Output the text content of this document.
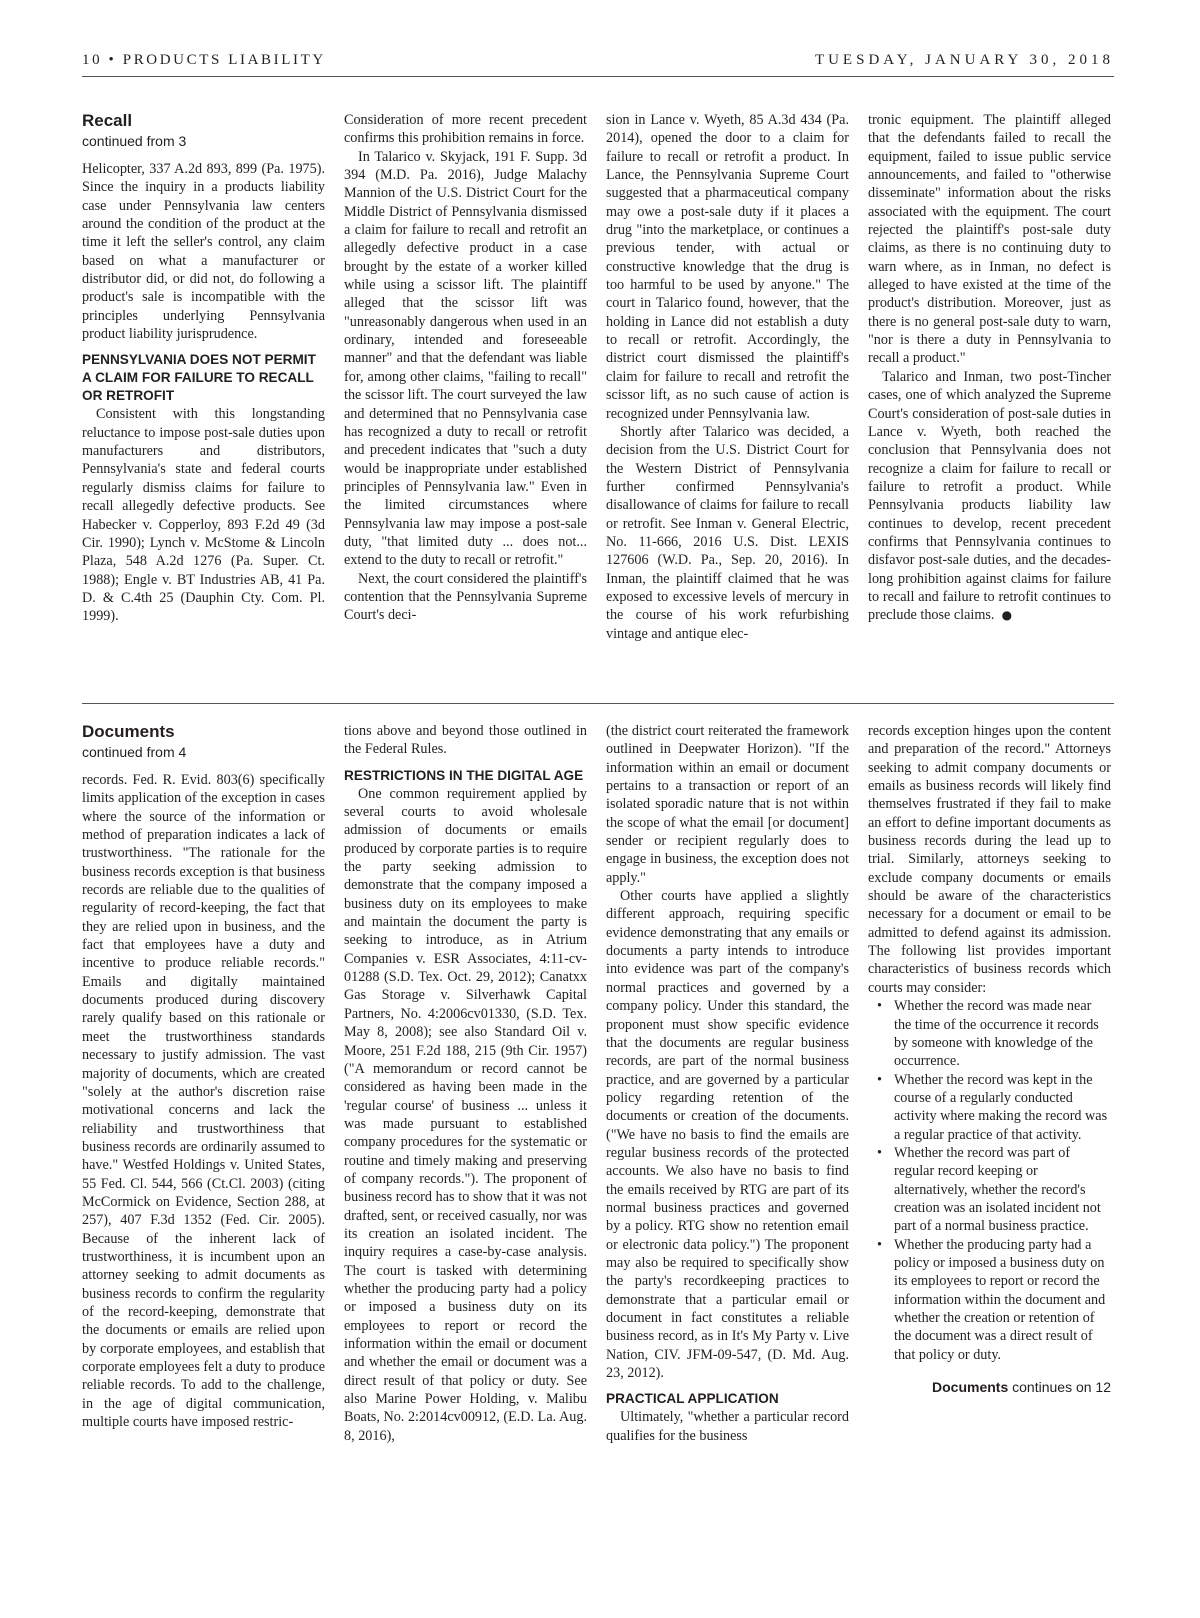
10 • PRODUCTS LIABILITY	TUESDAY, JANUARY 30, 2018
Recall
continued from 3

Helicopter, 337 A.2d 893, 899 (Pa. 1975). Since the inquiry in a products liability case under Pennsylvania law centers around the condition of the product at the time it left the seller's control, any claim based on what a manufacturer or distributor did, or did not, do following a product's sale is incompatible with the principles underlying Pennsylvania product liability jurisprudence.

PENNSYLVANIA DOES NOT PERMIT A CLAIM FOR FAILURE TO RECALL OR RETROFIT

Consistent with this longstanding reluctance to impose post-sale duties upon manufacturers and distributors, Pennsylvania's state and federal courts regularly dismiss claims for failure to recall allegedly defective products. See Habecker v. Copperloy, 893 F.2d 49 (3d Cir. 1990); Lynch v. McStome & Lincoln Plaza, 548 A.2d 1276 (Pa. Super. Ct. 1988); Engle v. BT Industries AB, 41 Pa. D. & C.4th 25 (Dauphin Cty. Com. Pl. 1999).

Consideration of more recent precedent confirms this prohibition remains in force.

In Talarico v. Skyjack, 191 F. Supp. 3d 394 (M.D. Pa. 2016), Judge Malachy Mannion of the U.S. District Court for the Middle District of Pennsylvania dismissed a claim for failure to recall and retrofit an allegedly defective product in a case brought by the estate of a worker killed while using a scissor lift. The plaintiff alleged that the scissor lift was "unreasonably dangerous when used in an ordinary, intended and foreseeable manner" and that the defendant was liable for, among other claims, "failing to recall" the scissor lift. The court surveyed the law and determined that no Pennsylvania case has recognized a duty to recall or retrofit and precedent indicates that "such a duty would be inappropriate under established principles of Pennsylvania law." Even in the limited circumstances where Pennsylvania law may impose a post-sale duty, "that limited duty ... does not... extend to the duty to recall or retrofit."

Next, the court considered the plaintiff's contention that the Pennsylvania Supreme Court's deci-

sion in Lance v. Wyeth, 85 A.3d 434 (Pa. 2014), opened the door to a claim for failure to recall or retrofit a product. In Lance, the Pennsylvania Supreme Court suggested that a pharmaceutical company may owe a post-sale duty if it places a drug "into the marketplace, or continues a previous tender, with actual or constructive knowledge that the drug is too harmful to be used by anyone." The court in Talarico found, however, that the holding in Lance did not establish a duty to recall or retrofit. Accordingly, the district court dismissed the plaintiff's claim for failure to recall and retrofit the scissor lift, as no such cause of action is recognized under Pennsylvania law.

Shortly after Talarico was decided, a decision from the U.S. District Court for the Western District of Pennsylvania further confirmed Pennsylvania's disallowance of claims for failure to recall or retrofit. See Inman v. General Electric, No. 11-666, 2016 U.S. Dist. LEXIS 127606 (W.D. Pa., Sep. 20, 2016). In Inman, the plaintiff claimed that he was exposed to excessive levels of mercury in the course of his work refurbishing vintage and antique elec-

tronic equipment. The plaintiff alleged that the defendants failed to recall the equipment, failed to issue public service announcements, and failed to "otherwise disseminate" information about the risks associated with the equipment. The court rejected the plaintiff's post-sale duty claims, as there is no continuing duty to warn where, as in Inman, no defect is alleged to have existed at the time of the product's distribution. Moreover, just as there is no general post-sale duty to warn, "nor is there a duty in Pennsylvania to recall a product."

Talarico and Inman, two post-Tincher cases, one of which analyzed the Supreme Court's consideration of post-sale duties in Lance v. Wyeth, both reached the conclusion that Pennsylvania does not recognize a claim for failure to recall or failure to retrofit a product. While Pennsylvania products liability law continues to develop, recent precedent confirms that Pennsylvania continues to disfavor post-sale duties, and the decades-long prohibition against claims for failure to recall and failure to retrofit continues to preclude those claims. ●

Documents
continued from 4

records. Fed. R. Evid. 803(6) specifically limits application of the exception in cases where the source of the information or method of preparation indicates a lack of trustworthiness. "The rationale for the business records exception is that business records are reliable due to the qualities of regularity of record-keeping, the fact that they are relied upon in business, and the fact that employees have a duty and incentive to produce reliable records." Emails and digitally maintained documents produced during discovery rarely qualify based on this rationale or meet the trustworthiness standards necessary to justify admission. The vast majority of documents, which are created "solely at the author's discretion raise motivational concerns and lack the reliability and trustworthiness that business records are ordinarily assumed to have." Westfed Holdings v. United States, 55 Fed. Cl. 544, 566 (Ct.Cl. 2003) (citing McCormick on Evidence, Section 288, at 257), 407 F.3d 1352 (Fed. Cir. 2005). Because of the inherent lack of trustworthiness, it is incumbent upon an attorney seeking to admit documents as business records to confirm the regularity of the record-keeping, demonstrate that the documents or emails are relied upon by corporate employees, and establish that corporate employees felt a duty to produce reliable records. To add to the challenge, in the age of digital communication, multiple courts have imposed restric-

tions above and beyond those outlined in the Federal Rules.

RESTRICTIONS IN THE DIGITAL AGE

One common requirement applied by several courts to avoid wholesale admission of documents or emails produced by corporate parties is to require the party seeking admission to demonstrate that the company imposed a business duty on its employees to make and maintain the document the party is seeking to introduce, as in Atrium Companies v. ESR Associates, 4:11-cv-01288 (S.D. Tex. Oct. 29, 2012); Canatxx Gas Storage v. Silverhawk Capital Partners, No. 4:2006cv01330, (S.D. Tex. May 8, 2008); see also Standard Oil v. Moore, 251 F.2d 188, 215 (9th Cir. 1957) ("A memorandum or record cannot be considered as having been made in the 'regular course' of business ... unless it was made pursuant to established company procedures for the systematic or routine and timely making and preserving of company records."). The proponent of business record has to show that it was not drafted, sent, or received casually, nor was its creation an isolated incident. The inquiry requires a case-by-case analysis. The court is tasked with determining whether the producing party had a policy or imposed a business duty on its employees to report or record the information within the email or document and whether the email or document was a direct result of that policy or duty. See also Marine Power Holding, v. Malibu Boats, No. 2:2014cv00912, (E.D. La. Aug. 8, 2016),

(the district court reiterated the framework outlined in Deepwater Horizon). "If the information within an email or document pertains to a transaction or report of an isolated sporadic nature that is not within the scope of what the email [or document] sender or recipient regularly does to engage in business, the exception does not apply."

Other courts have applied a slightly different approach, requiring specific evidence demonstrating that any emails or documents a party intends to introduce into evidence was part of the company's normal practices and governed by a company policy. Under this standard, the proponent must show specific evidence that the documents are regular business records, are part of the normal business practice, and are governed by a particular policy regarding retention of the documents or creation of the documents. ("We have no basis to find the emails are regular business records of the protected accounts. We also have no basis to find the emails received by RTG are part of its normal business practices and governed by a policy. RTG show no retention email or electronic data policy.") The proponent may also be required to specifically show the party's recordkeeping practices to demonstrate that a particular email or document in fact constitutes a reliable business record, as in It's My Party v. Live Nation, CIV. JFM-09-547, (D. Md. Aug. 23, 2012).

PRACTICAL APPLICATION

Ultimately, "whether a particular record qualifies for the business

records exception hinges upon the content and preparation of the record." Attorneys seeking to admit company documents or emails as business records will likely find themselves frustrated if they fail to make an effort to define important documents as business records during the lead up to trial. Similarly, attorneys seeking to exclude company documents or emails should be aware of the characteristics necessary for a document or email to be admitted to defend against its admission. The following list provides important characteristics of business records which courts may consider:

• Whether the record was made near the time of the occurrence it records by someone with knowledge of the occurrence.
• Whether the record was kept in the course of a regularly conducted activity where making the record was a regular practice of that activity.
• Whether the record was part of regular record keeping or alternatively, whether the record's creation was an isolated incident not part of a normal business practice.
• Whether the producing party had a policy or imposed a business duty on its employees to report or record the information within the document and whether the creation or retention of the document was a direct result of that policy or duty.
Documents continues on 12
